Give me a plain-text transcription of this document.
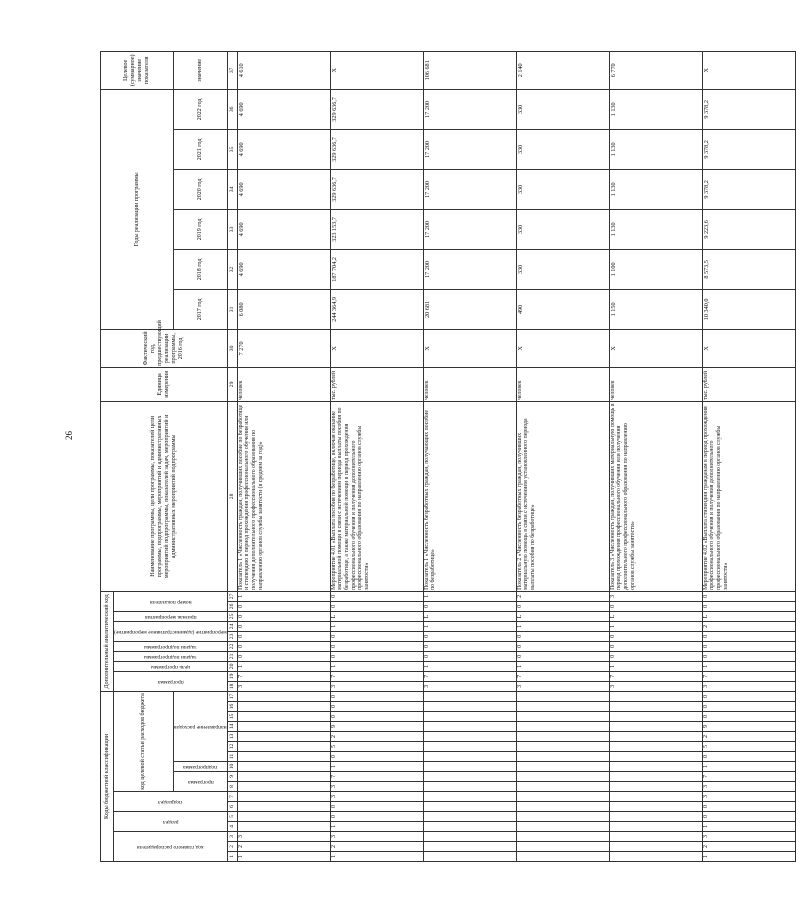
26
Коды бюджетной классификации																	Дополнительный аналитический код										Наименование программы, цели программы, показателей цели программы, подпрограммы, мероприятий и административных мероприятий подпрограммы, показателей задач, мероприятий и административных мероприятий подпрограммы	Единица измерения	Фактический год, предшествующий реализации программы, 2016 год	Годы реализации программы						Целевое (суммарное) значение показателя

код главного распорядителя			раздел		подраздел		код целевой статьи расходов бюджета										программа		цель программы	задачи подпрограммы	задачи подпрограммы	мероприятие (административное мероприятие)		признак мероприятия	номер показателя											

							программа		подпрограмма	направление расходов																				2017 год	2018 год	2019 год	2020 год	2021 год	2022 год	значение
1	2	3	4	5	6	7	8	9	10	11	12	13	14	15	16	17	18	19	20	21	22	23	24	25	26	27	28	29	30	31	32	33	34	35	36	37
1	2	3															3	7	1	0	0	0	0	0	0	1	Показатель 1 «Численность граждан, получивших пособие по безработице и стипендию в период прохождения профессионального обучения или получения дополнительного профессионального образования по направлению органов службы занятости (в среднем за год)»	человек	7 270	6 080	4 690	4 690	4 690	4 690	4 690	4 610
1	2	3	1	0	0	3	3	7	1	0	5	2	9	0	0	0	3	7	1	0	0	0	1	L	0	0	Мероприятие 4.01 «Выплата пособия по безработице, включая оказание материальной помощи в связи с истечением периода выплаты пособия по безработице, а также материальной помощи в период прохождения профессионального обучения и получения дополнительного профессионального образования по направлению органов службы занятости»	тыс. рублей	X	244 364,9	187 704,2	323 153,7	329 636,7	329 636,7	329 636,7	X
																	3	7	1	0	0	0	1	L	0	1	Показатель 1 «Численность безработных граждан, получающих пособие по безработице»	человек	X	20 681	17 200	17 200	17 200	17 200	17 200	106 681
																	3	7	1	0	0	0	1	L	0	2	Показатель 2 «Численность безработных граждан, получивших материальную помощь в связи с истечением установленного периода выплаты пособия по безработице»	человек	X	490	330	330	330	330	330	2 140
																	3	7	1	0	0	0	1	L	0	3	Показатель 3 «Численность граждан, получивших материальную помощь в период прохождения профессионального обучения или получения дополнительного профессионального образования по направлению органов службы занятости»	человек	X	1 150	1 100	1 130	1 130	1 130	1 130	6 770
1	2	3	1	0	0	3	3	7	1	0	5	2	9	0	0	0	3	7	1	0	0	0	2	L	0	0	Мероприятие 4.02 «Выплата стипендии гражданам в период прохождения профессионального обучения и получения дополнительного профессионального образования по направлению органов службы занятости»	тыс. рублей	X	10 340,0	8 573,5	9 223,6	9 378,2	9 378,2	9 378,2	X
